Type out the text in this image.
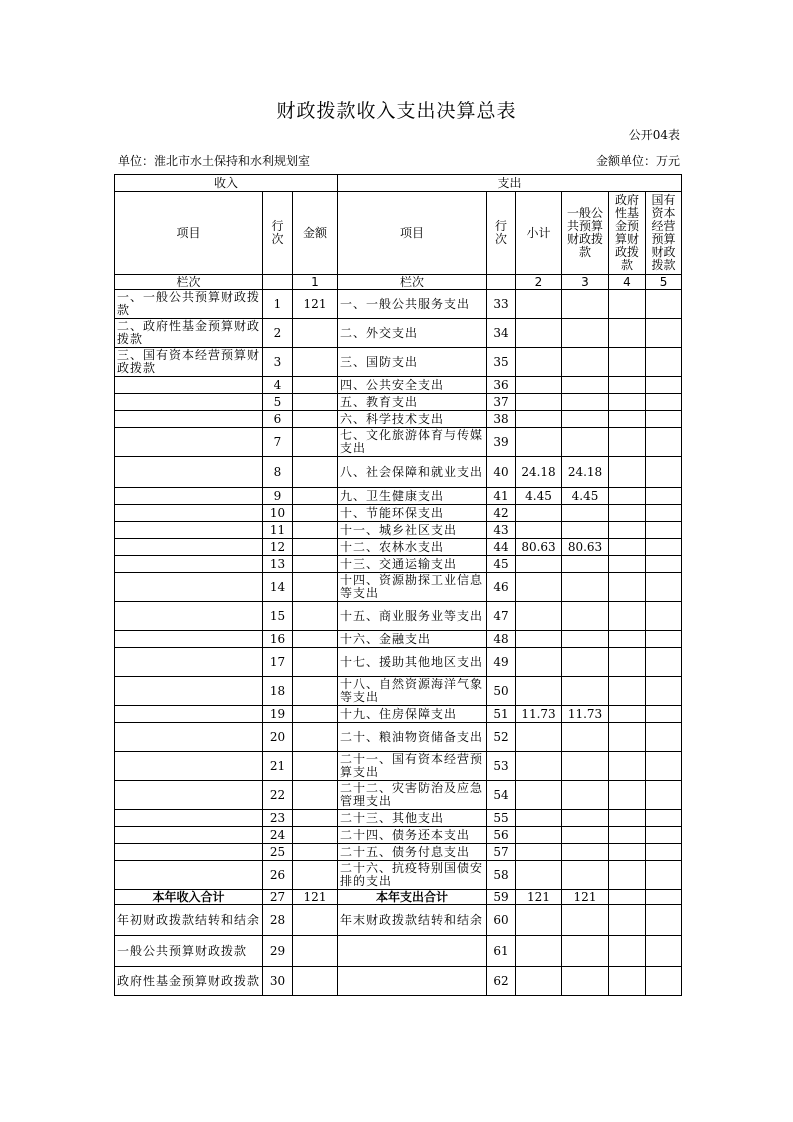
财政拨款收入支出决算总表
公开04表
单位：淮北市水土保持和水利规划室	金额单位：万元
收入			支出					
项目	行次	金额	项目	行次	小计	一般公共预算财政拨款	政府性基金预算财政拨款	国有资本经营预算财政拨款
栏次		1	栏次		2	3	4	5
一、一般公共预算财政拨款	1	121	一、一般公共服务支出	33				
二、政府性基金预算财政拨款	2		二、外交支出	34				
三、国有资本经营预算财政拨款	3		三、国防支出	35				
	4		四、公共安全支出	36				
	5		五、教育支出	37				
	6		六、科学技术支出	38				
	7		七、文化旅游体育与传媒支出	39				
	8		八、社会保障和就业支出	40	24.18	24.18		
	9		九、卫生健康支出	41	4.45	4.45		
	10		十、节能环保支出	42				
	11		十一、城乡社区支出	43				
	12		十二、农林水支出	44	80.63	80.63		
	13		十三、交通运输支出	45				
	14		十四、资源勘探工业信息等支出	46				
	15		十五、商业服务业等支出	47				
	16		十六、金融支出	48				
	17		十七、援助其他地区支出	49				
	18		十八、自然资源海洋气象等支出	50				
	19		十九、住房保障支出	51	11.73	11.73		
	20		二十、粮油物资储备支出	52				
	21		二十一、国有资本经营预算支出	53				
	22		二十二、灾害防治及应急管理支出	54				
	23		二十三、其他支出	55				
	24		二十四、债务还本支出	56				
	25		二十五、债务付息支出	57				
	26		二十六、抗疫特别国债安排的支出	58				
本年收入合计	27	121	本年支出合计	59	121	121		
年初财政拨款结转和结余	28		年末财政拨款结转和结余	60				
一般公共预算财政拨款	29			61				
政府性基金预算财政拨款	30			62				
